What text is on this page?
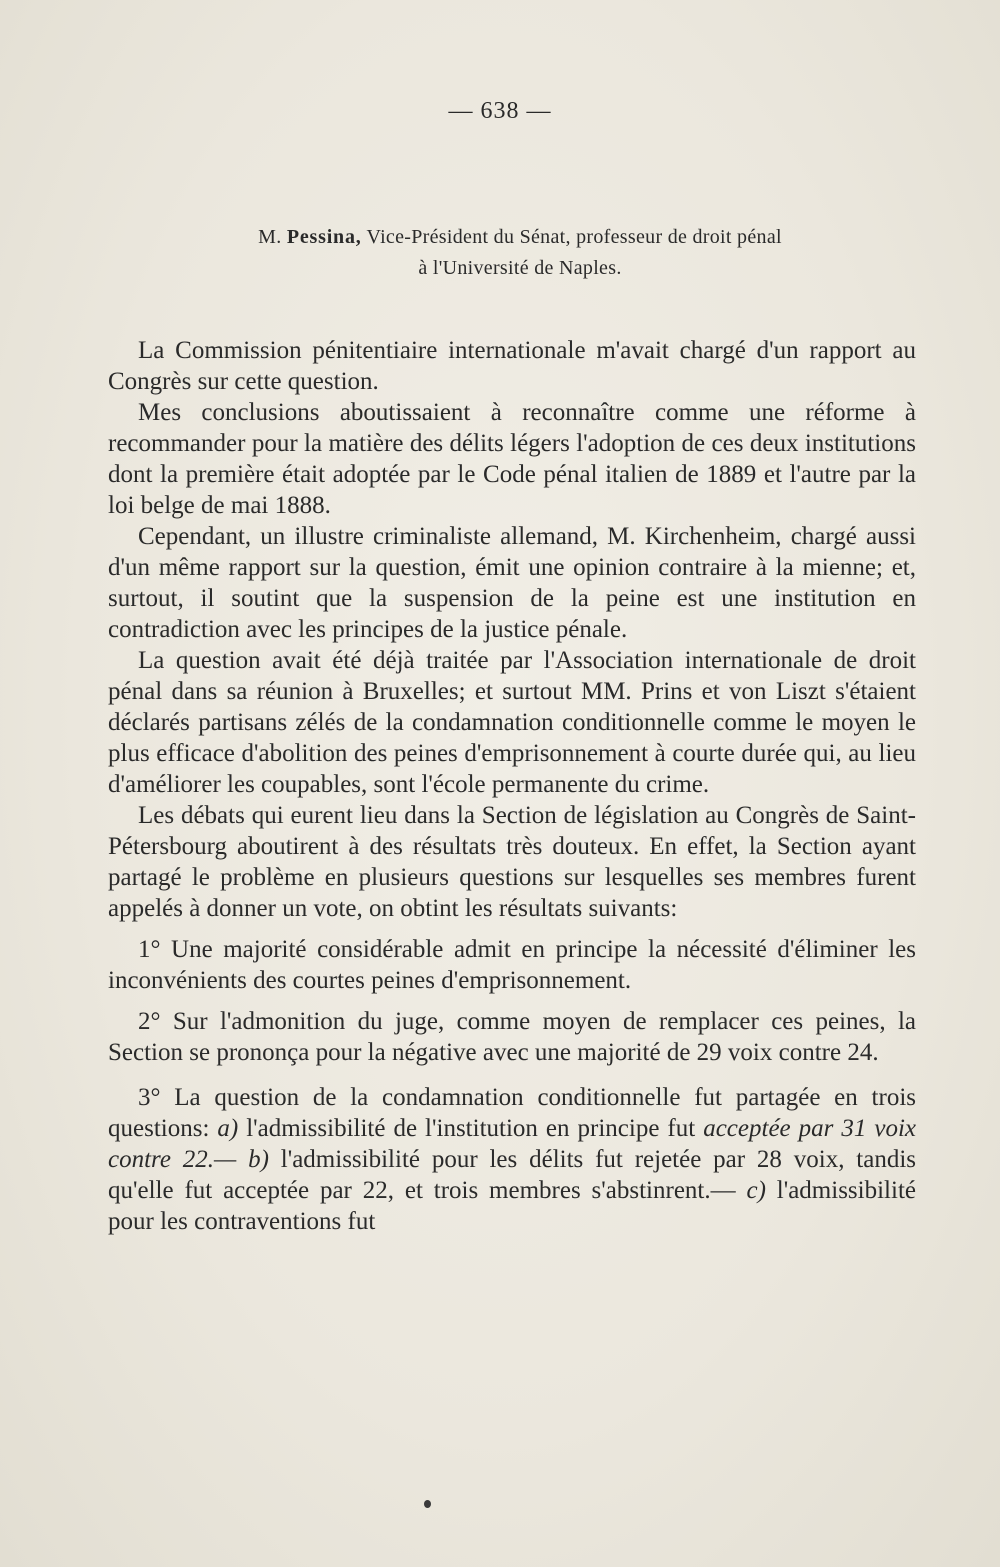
— 638 —
M. Pessina, Vice-Président du Sénat, professeur de droit pénal
à l'Université de Naples.

La Commission pénitentiaire internationale m'avait chargé d'un rapport au Congrès sur cette question.

Mes conclusions aboutissaient à reconnaître comme une réforme à recommander pour la matière des délits légers l'adoption de ces deux institutions dont la première était adoptée par le Code pénal italien de 1889 et l'autre par la loi belge de mai 1888.

Cependant, un illustre criminaliste allemand, M. Kirchenheim, chargé aussi d'un même rapport sur la question, émit une opinion contraire à la mienne; et, surtout, il soutint que la suspension de la peine est une institution en contradiction avec les principes de la justice pénale.

La question avait été déjà traitée par l'Association internationale de droit pénal dans sa réunion à Bruxelles; et surtout MM. Prins et von Liszt s'étaient déclarés partisans zélés de la condamnation conditionnelle comme le moyen le plus efficace d'abolition des peines d'emprisonnement à courte durée qui, au lieu d'améliorer les coupables, sont l'école permanente du crime.

Les débats qui eurent lieu dans la Section de législation au Congrès de Saint-Pétersbourg aboutirent à des résultats très douteux. En effet, la Section ayant partagé le problème en plusieurs questions sur lesquelles ses membres furent appelés à donner un vote, on obtint les résultats suivants:

1° Une majorité considérable admit en principe la nécessité d'éliminer les inconvénients des courtes peines d'emprisonnement.

2° Sur l'admonition du juge, comme moyen de remplacer ces peines, la Section se prononça pour la négative avec une majorité de 29 voix contre 24.

3° La question de la condamnation conditionnelle fut partagée en trois questions: a) l'admissibilité de l'institution en principe fut acceptée par 31 voix contre 22.— b) l'admissibilité pour les délits fut rejetée par 28 voix, tandis qu'elle fut acceptée par 22, et trois membres s'abstinrent.— c) l'admissibilité pour les contraventions fut
